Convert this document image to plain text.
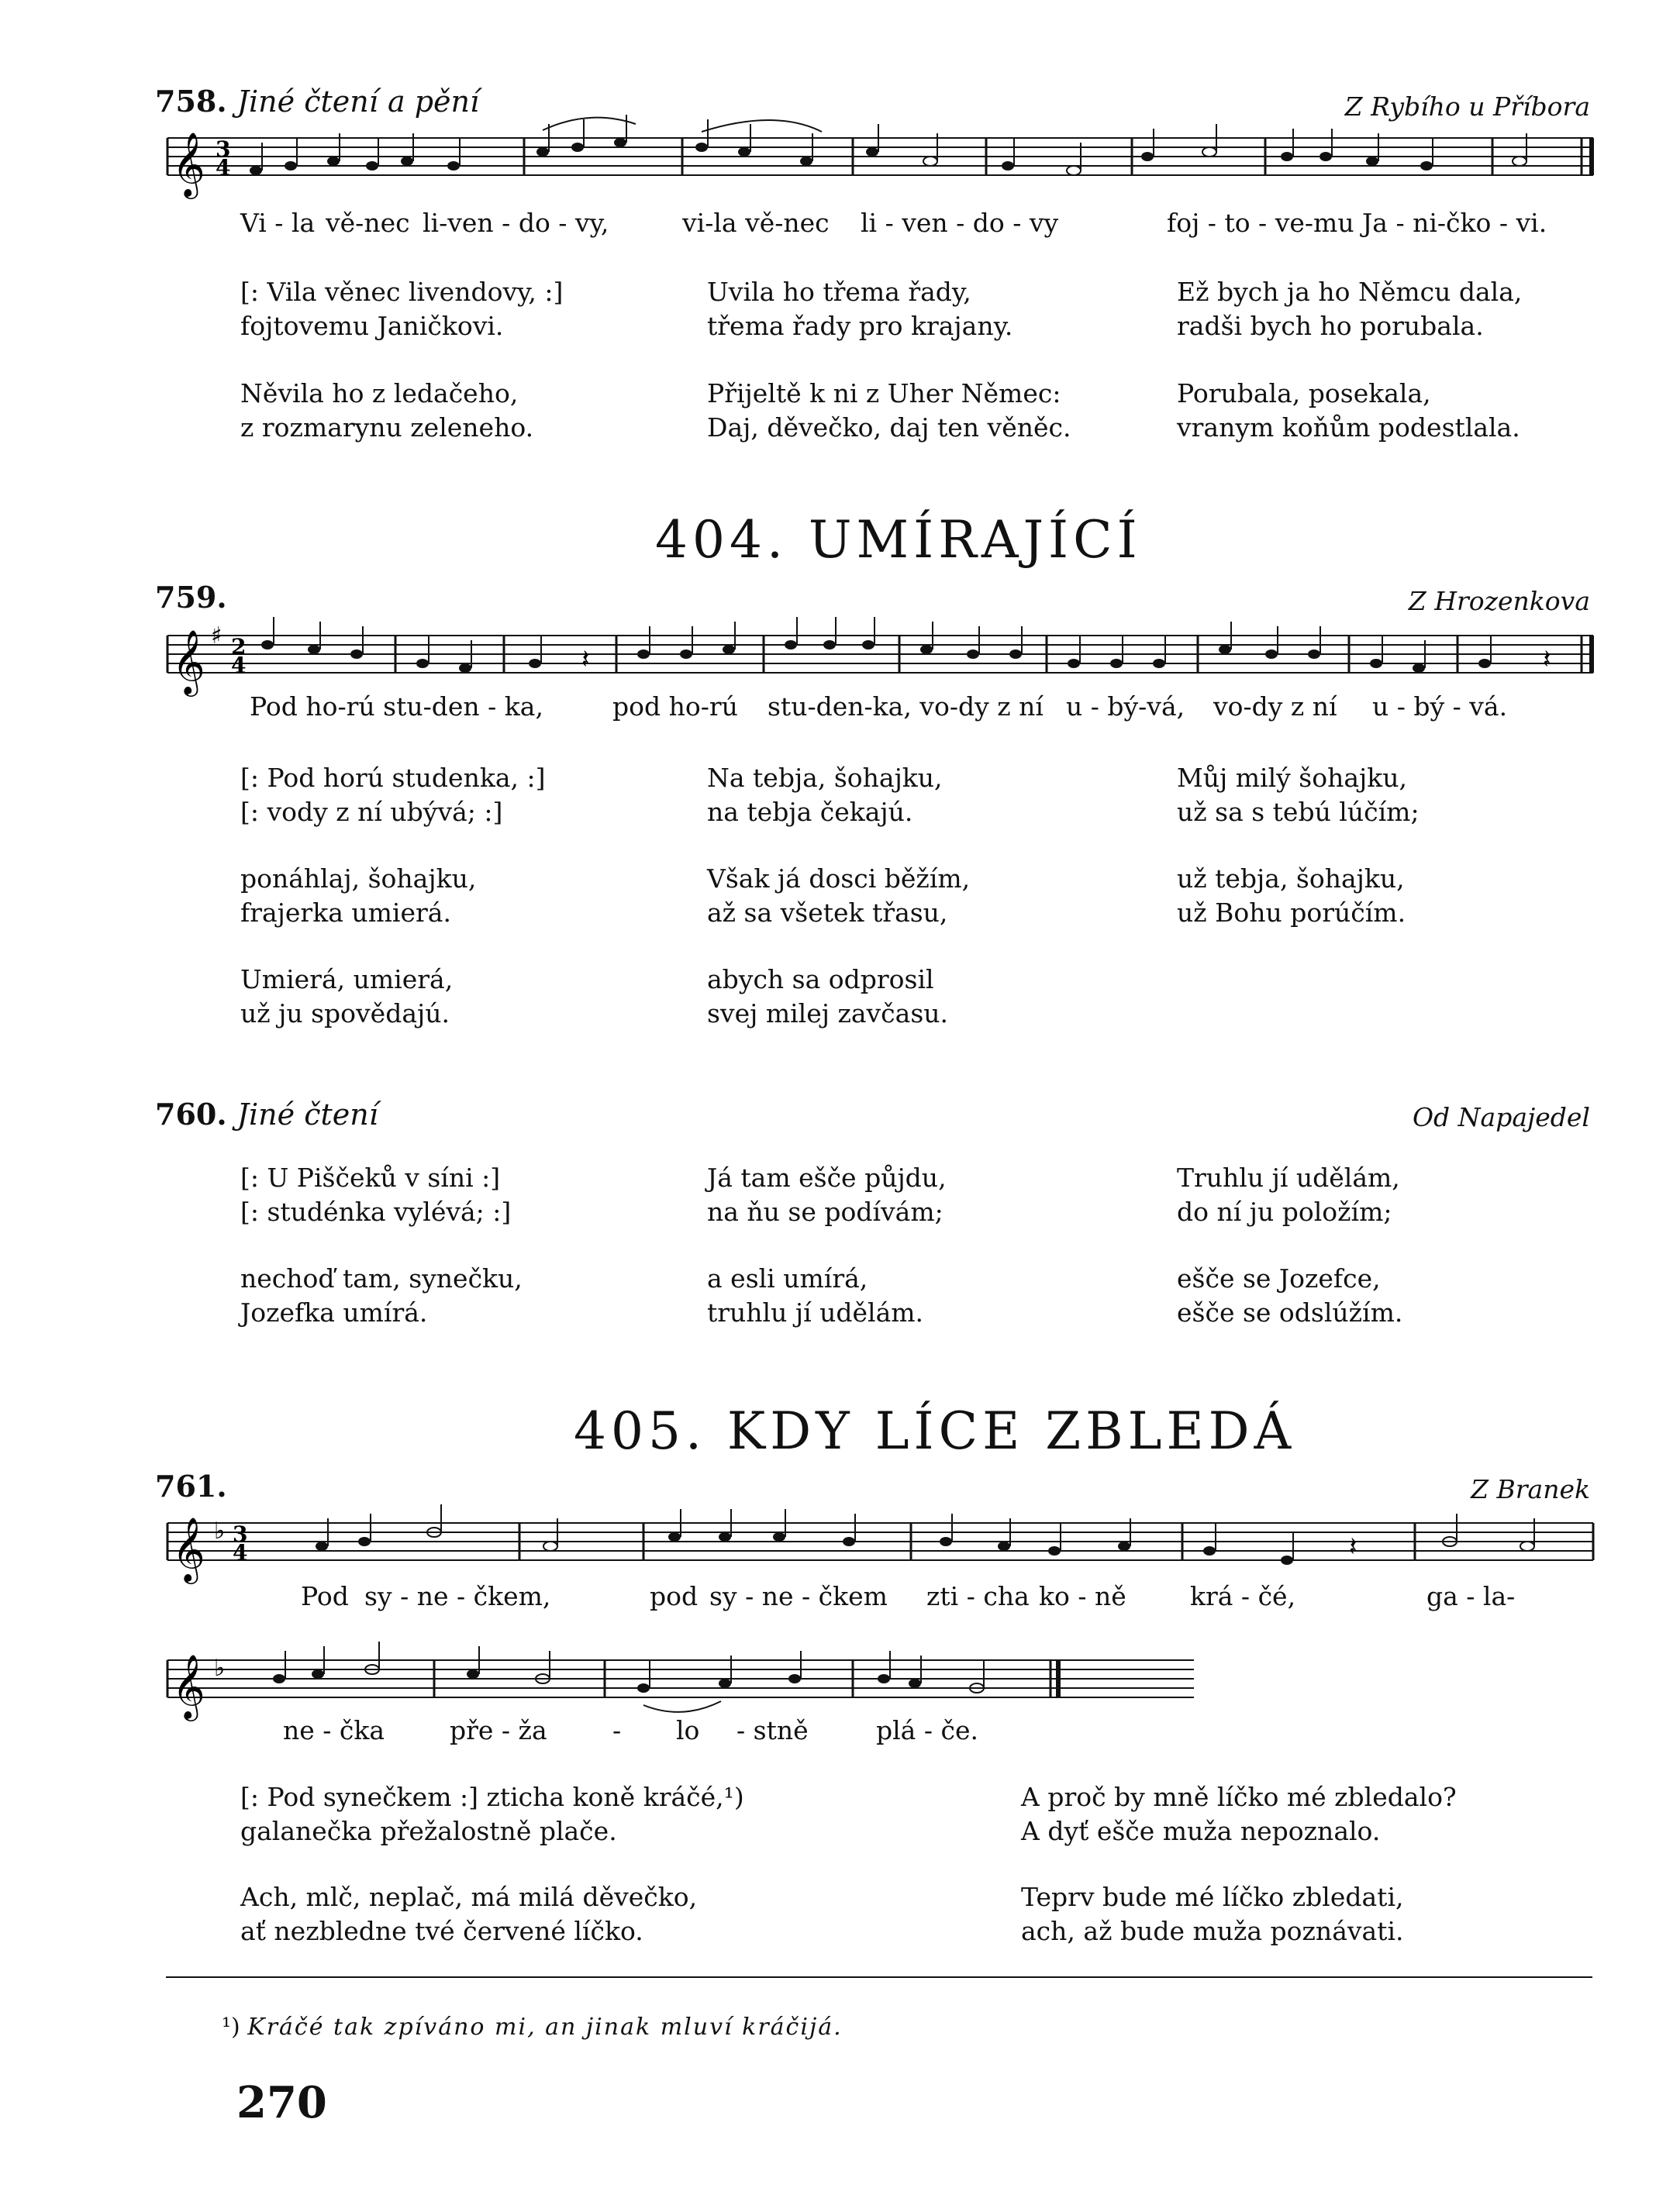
758. Jiné čtení a pění	Z Rybího u Příbora
𝄞 3
4
𝄞 ♯ 2
4	𝄽	𝄽
𝄞 ♭ 3
4	𝄽
𝄞 ♭
Vi - la vě-nec li-ven - do - vy,	vi-la vě-nec li - ven - do - vy	foj - to - ve-mu Ja - ni-čko - vi.
[: Vila věnec livendovy, :]
fojtovemu Janičkovi.
Uvila ho třema řady,
třema řady pro krajany.
Ež bych ja ho Němcu dala,
radši bych ho porubala.
Něvila ho z ledačeho,
z rozmarynu zeleneho.
Přijeltě k ni z Uher Němec:
Daj, děvečko, daj ten věněc.
Porubala, posekala,
vranym koňům podestlala.
404. UMÍRAJÍCÍ
759.	Z Hrozenkova
Pod ho-rú stu-den - ka,	pod ho-rú stu-den-ka, vo-dy z ní u - bý-vá, vo-dy z ní u - bý - vá.
[: Pod horú studenka, :]
[: vody z ní ubývá; :]
Na tebja, šohajku,
na tebja čekajú.
Můj milý šohajku,
už sa s tebú lúčím;
ponáhlaj, šohajku,
frajerka umierá.
Však já dosci běžím,
až sa všetek třasu,
už tebja, šohajku,
už Bohu porúčím.
Umierá, umierá,
už ju spovědajú.
abych sa odprosil
svej milej zavčasu.
760. Jiné čtení	Od Napajedel
[: U Piščeků v síni :]
[: studénka vylévá; :]
Já tam ešče půjdu,
na ňu se podívám;
Truhlu jí udělám,
do ní ju položím;
nechoď tam, synečku,
Jozefka umírá.
a esli umírá,
truhlu jí udělám.
ešče se Jozefce,
ešče se odslúžím.
405. KDY LÍCE ZBLEDÁ
761.	Z Branek
Pod sy - ne - čkem,	pod sy - ne - čkem zti - cha ko - ně krá - čé,	ga - la-
ne - čka	pře - ža	- lo - stně	plá - če.
[: Pod synečkem :] zticha koně kráčé,¹)
galanečka přežalostně plače.
A proč by mně líčko mé zbledalo?
A dyť ešče muža nepoznalo.
Ach, mlč, neplač, má milá děvečko,
ať nezbledne tvé červené líčko.
Teprv bude mé líčko zbledati,
ach, až bude muža poznávati.
¹) Kráčé tak zpíváno mi, an jinak mluví kráčijá.
270
